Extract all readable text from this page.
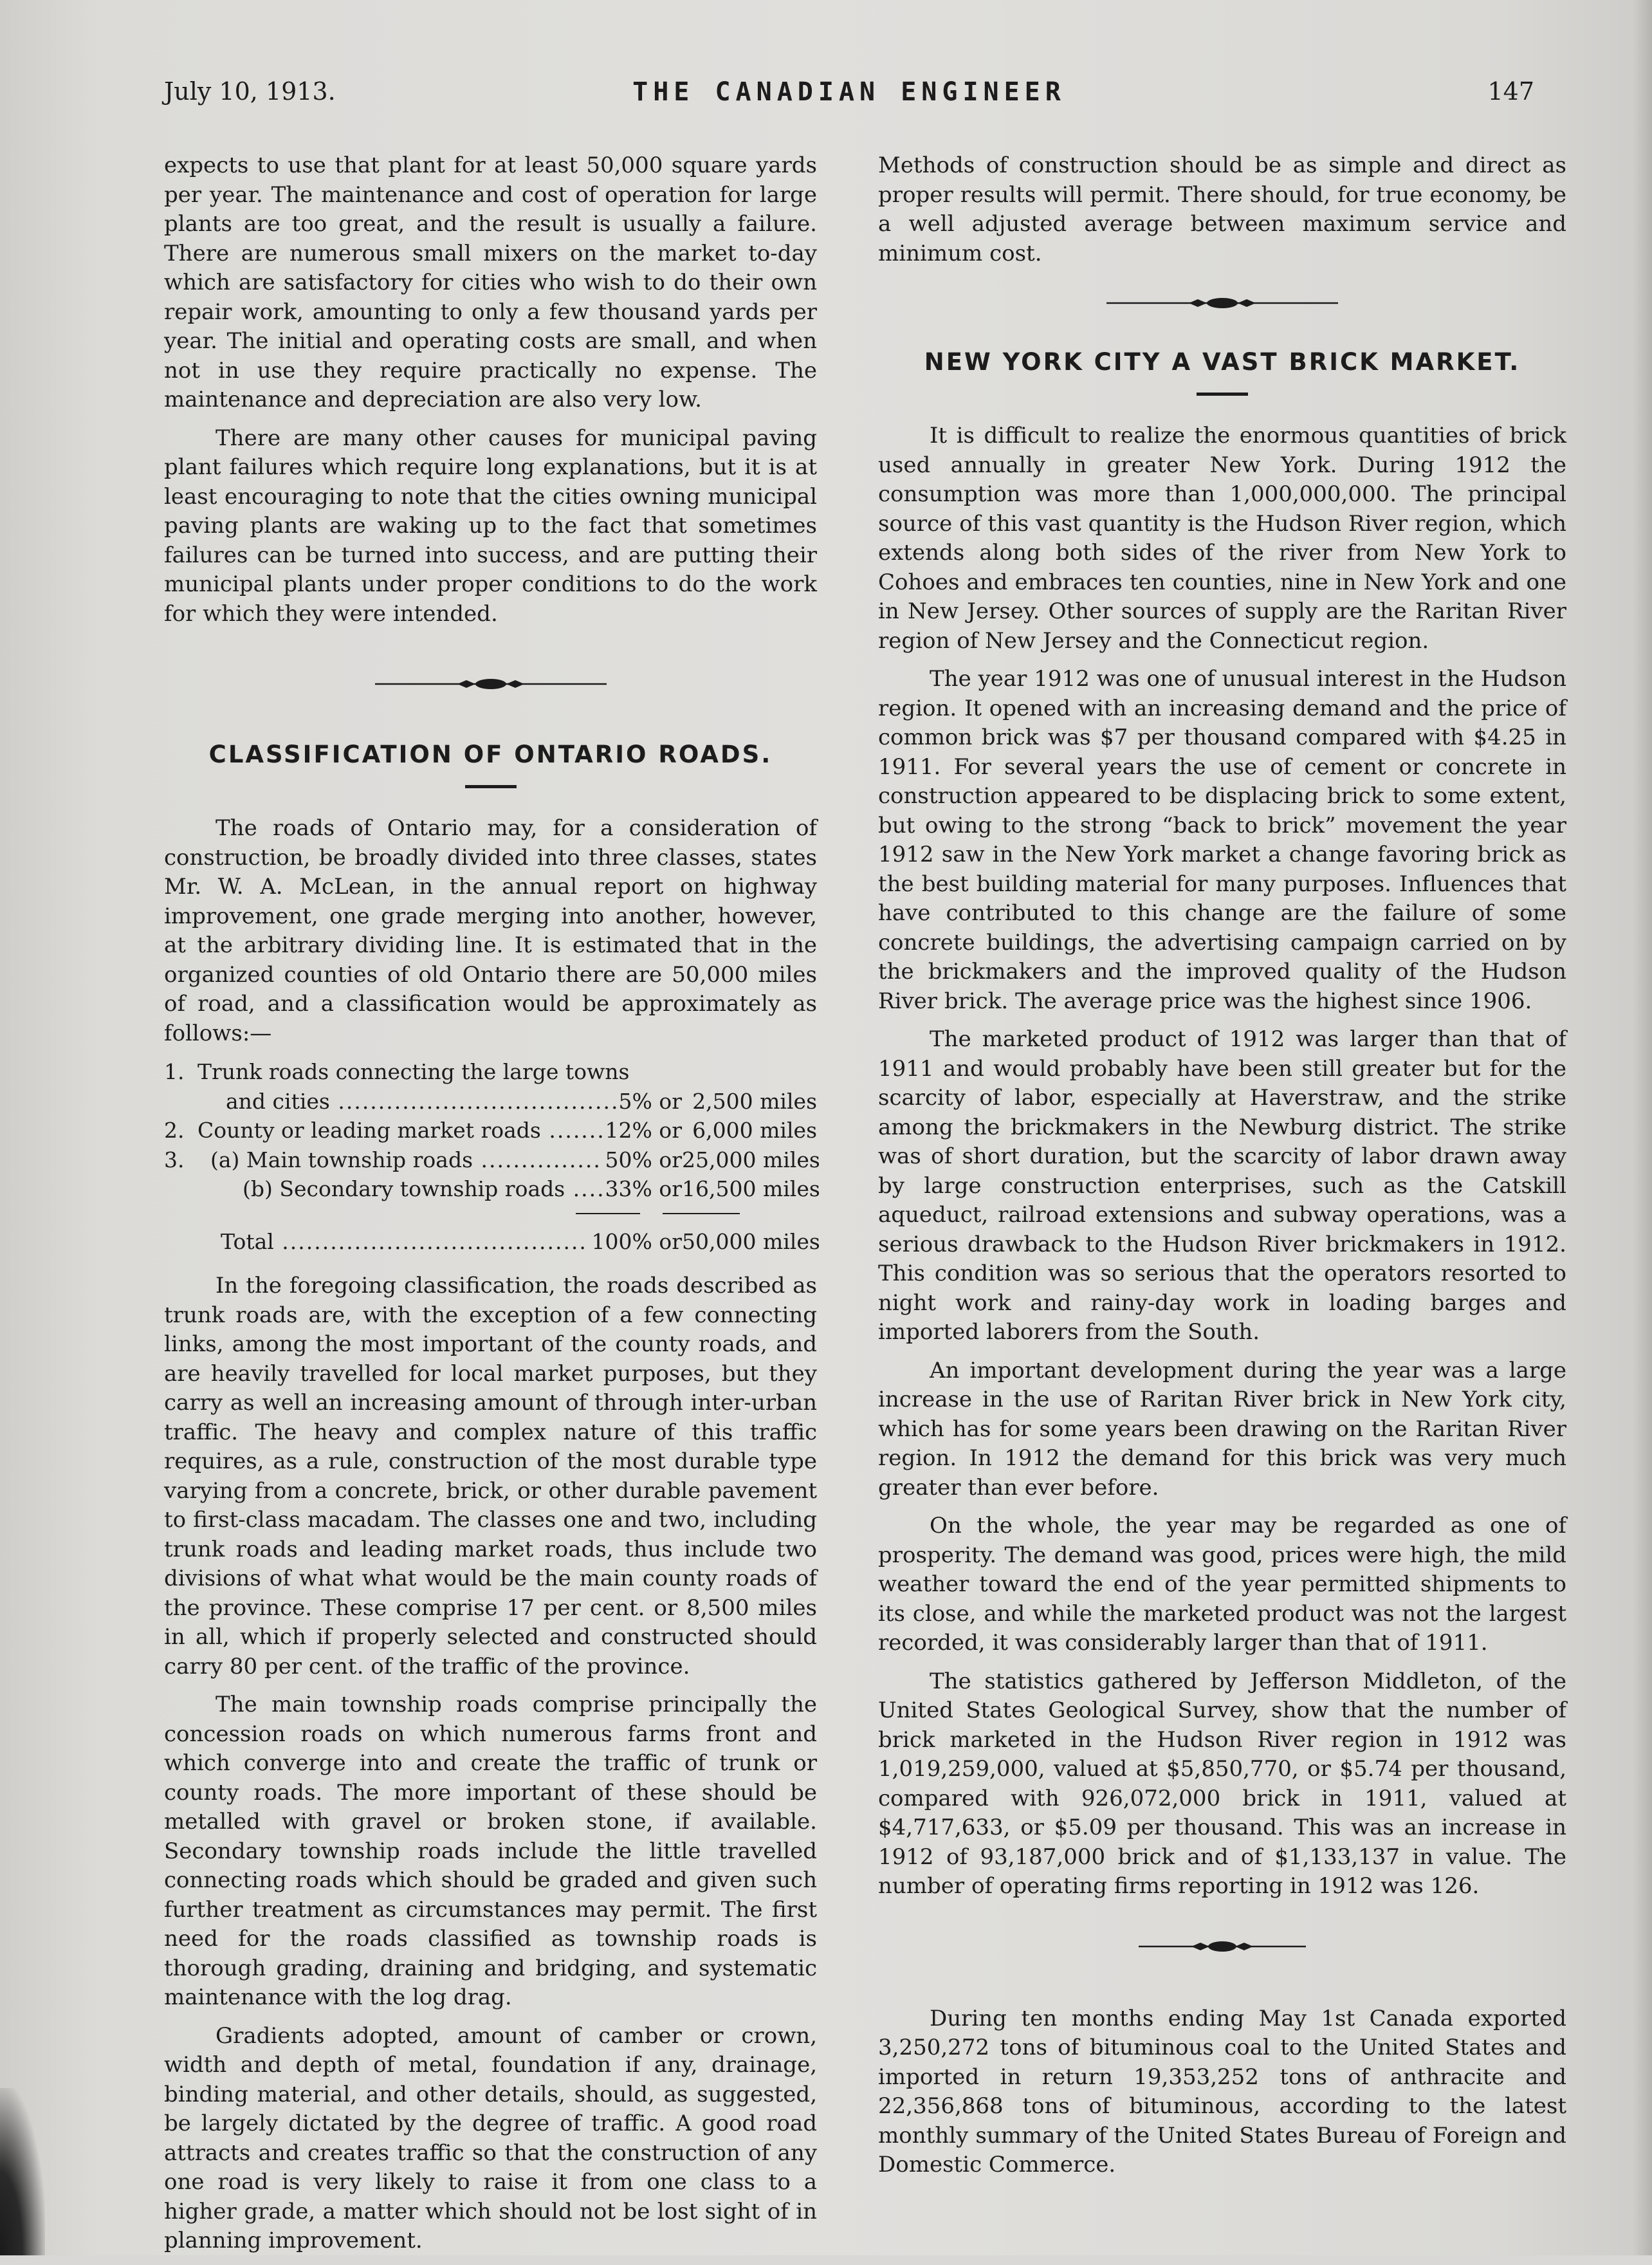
July 10, 1913.	THE CANADIAN ENGINEER	147

expects to use that plant for at least 50,000 square yards per year. The maintenance and cost of operation for large plants are too great, and the result is usually a failure. There are numerous small mixers on the market to-day which are satisfactory for cities who wish to do their own repair work, amounting to only a few thousand yards per year. The initial and operating costs are small, and when not in use they require practically no expense. The maintenance and depreciation are also very low.

There are many other causes for municipal paving plant failures which require long explanations, but it is at least encouraging to note that the cities owning municipal paving plants are waking up to the fact that sometimes failures can be turned into success, and are putting their municipal plants under proper conditions to do the work for which they were intended.

CLASSIFICATION OF ONTARIO ROADS.

The roads of Ontario may, for a consideration of construction, be broadly divided into three classes, states Mr. W. A. McLean, in the annual report on highway improvement, one grade merging into another, however, at the arbitrary dividing line. It is estimated that in the organized counties of old Ontario there are 50,000 miles of road, and a classification would be approximately as follows:—

1. Trunk roads connecting the large towns
and cities .....	5% or 2,500 miles
2. County or leading market roads .....	12% or 6,000 miles
3.	(a) Main township roads .....	50% or 25,000 miles
(b) Secondary township roads .....	33% or 16,500 miles
Total .....	100% or 50,000 miles

In the foregoing classification, the roads described as trunk roads are, with the exception of a few connecting links, among the most important of the county roads, and are heavily travelled for local market purposes, but they carry as well an increasing amount of through inter-urban traffic. The heavy and complex nature of this traffic requires, as a rule, construction of the most durable type varying from a concrete, brick, or other durable pavement to first-class macadam. The classes one and two, including trunk roads and leading market roads, thus include two divisions of what what would be the main county roads of the province. These comprise 17 per cent. or 8,500 miles in all, which if properly selected and constructed should carry 80 per cent. of the traffic of the province.

The main township roads comprise principally the concession roads on which numerous farms front and which converge into and create the traffic of trunk or county roads. The more important of these should be metalled with gravel or broken stone, if available. Secondary township roads include the little travelled connecting roads which should be graded and given such further treatment as circumstances may permit. The first need for the roads classified as township roads is thorough grading, draining and bridging, and systematic maintenance with the log drag.

Gradients adopted, amount of camber or crown, width and depth of metal, foundation if any, drainage, binding material, and other details, should, as suggested, be largely dictated by the degree of traffic. A good road attracts and creates traffic so that the construction of any one road is very likely to raise it from one class to a higher grade, a matter which should not be lost sight of in planning improvement.

Methods of construction should be as simple and direct as proper results will permit. There should, for true economy, be a well adjusted average between maximum service and minimum cost.

NEW YORK CITY A VAST BRICK MARKET.

It is difficult to realize the enormous quantities of brick used annually in greater New York. During 1912 the consumption was more than 1,000,000,000. The principal source of this vast quantity is the Hudson River region, which extends along both sides of the river from New York to Cohoes and embraces ten counties, nine in New York and one in New Jersey. Other sources of supply are the Raritan River region of New Jersey and the Connecticut region.

The year 1912 was one of unusual interest in the Hudson region. It opened with an increasing demand and the price of common brick was $7 per thousand compared with $4.25 in 1911. For several years the use of cement or concrete in construction appeared to be displacing brick to some extent, but owing to the strong “back to brick” movement the year 1912 saw in the New York market a change favoring brick as the best building material for many purposes. Influences that have contributed to this change are the failure of some concrete buildings, the advertising campaign carried on by the brickmakers and the improved quality of the Hudson River brick. The average price was the highest since 1906.

The marketed product of 1912 was larger than that of 1911 and would probably have been still greater but for the scarcity of labor, especially at Haverstraw, and the strike among the brickmakers in the Newburg district. The strike was of short duration, but the scarcity of labor drawn away by large construction enterprises, such as the Catskill aqueduct, railroad extensions and subway operations, was a serious drawback to the Hudson River brickmakers in 1912. This condition was so serious that the operators resorted to night work and rainy-day work in loading barges and imported laborers from the South.

An important development during the year was a large increase in the use of Raritan River brick in New York city, which has for some years been drawing on the Raritan River region. In 1912 the demand for this brick was very much greater than ever before.

On the whole, the year may be regarded as one of prosperity. The demand was good, prices were high, the mild weather toward the end of the year permitted shipments to its close, and while the marketed product was not the largest recorded, it was considerably larger than that of 1911.

The statistics gathered by Jefferson Middleton, of the United States Geological Survey, show that the number of brick marketed in the Hudson River region in 1912 was 1,019,259,000, valued at $5,850,770, or $5.74 per thousand, compared with 926,072,000 brick in 1911, valued at $4,717,633, or $5.09 per thousand. This was an increase in 1912 of 93,187,000 brick and of $1,133,137 in value. The number of operating firms reporting in 1912 was 126.

During ten months ending May 1st Canada exported 3,250,272 tons of bituminous coal to the United States and imported in return 19,353,252 tons of anthracite and 22,356,868 tons of bituminous, according to the latest monthly summary of the United States Bureau of Foreign and Domestic Commerce.
